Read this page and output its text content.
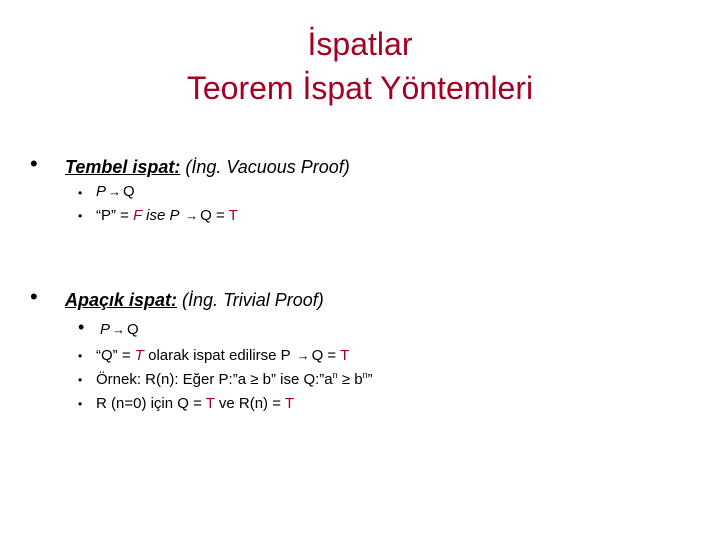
İspatlar
Teorem İspat Yöntemleri
• Tembel ispat: (İng. Vacuous Proof)
• P → Q
• “P” = F ise P → Q = T
• Apaçık ispat: (İng. Trivial Proof)
• P → Q
• “Q” = T olarak ispat edilirse P → Q = T
• Örnek: R(n): Eğer P:”a ≥ b” ise $Q:”a^n \ge b^n$”
• R (n=0) için Q = T ve R(n) = T
